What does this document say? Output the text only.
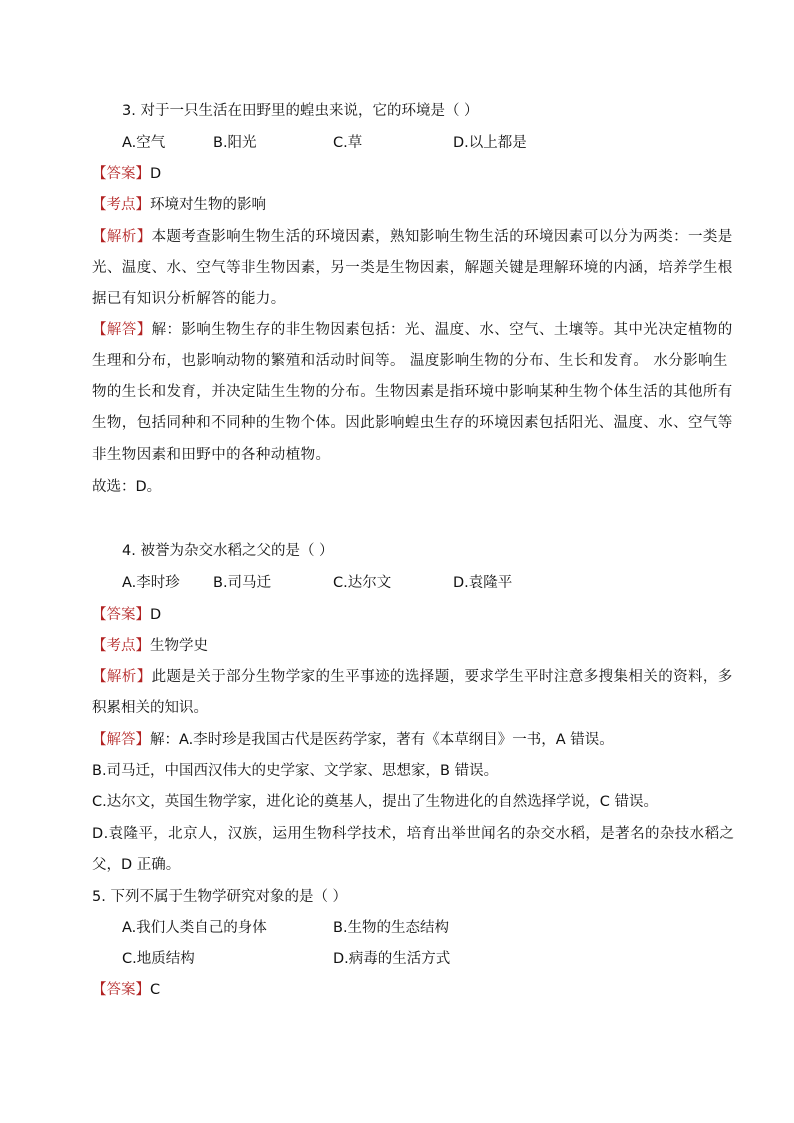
3. 对于一只生活在田野里的蝗虫来说，它的环境是（ ）
A.空气	B.阳光	C.草	D.以上都是
【答案】D
【考点】环境对生物的影响
【解析】本题考查影响生物生活的环境因素，熟知影响生物生活的环境因素可以分为两类：一类是
光、温度、水、空气等非生物因素，另一类是生物因素，解题关键是理解环境的内涵，培养学生根
据已有知识分析解答的能力。
【解答】解：影响生物生存的非生物因素包括：光、温度、水、空气、土壤等。其中光决定植物的
生理和分布，也影响动物的繁殖和活动时间等。 温度影响生物的分布、生长和发育。 水分影响生
物的生长和发育，并决定陆生生物的分布。生物因素是指环境中影响某种生物个体生活的其他所有
生物，包括同种和不同种的生物个体。因此影响蝗虫生存的环境因素包括阳光、温度、水、空气等
非生物因素和田野中的各种动植物。
故选：D。
4. 被誉为杂交水稻之父的是（ ）
A.李时珍 B.司马迁	C.达尔文	D.袁隆平
【答案】D
【考点】生物学史
【解析】此题是关于部分生物学家的生平事迹的选择题，要求学生平时注意多搜集相关的资料，多
积累相关的知识。
【解答】解：A.李时珍是我国古代是医药学家，著有《本草纲目》一书，A 错误。
B.司马迁，中国西汉伟大的史学家、文学家、思想家，B 错误。
C.达尔文，英国生物学家，进化论的奠基人，提出了生物进化的自然选择学说，C 错误。
D.袁隆平，北京人，汉族，运用生物科学技术，培育出举世闻名的杂交水稻，是著名的杂技水稻之
父，D 正确。
5. 下列不属于生物学研究对象的是（ ）
A.我们人类自己的身体	B.生物的生态结构
C.地质结构	D.病毒的生活方式
【答案】C
